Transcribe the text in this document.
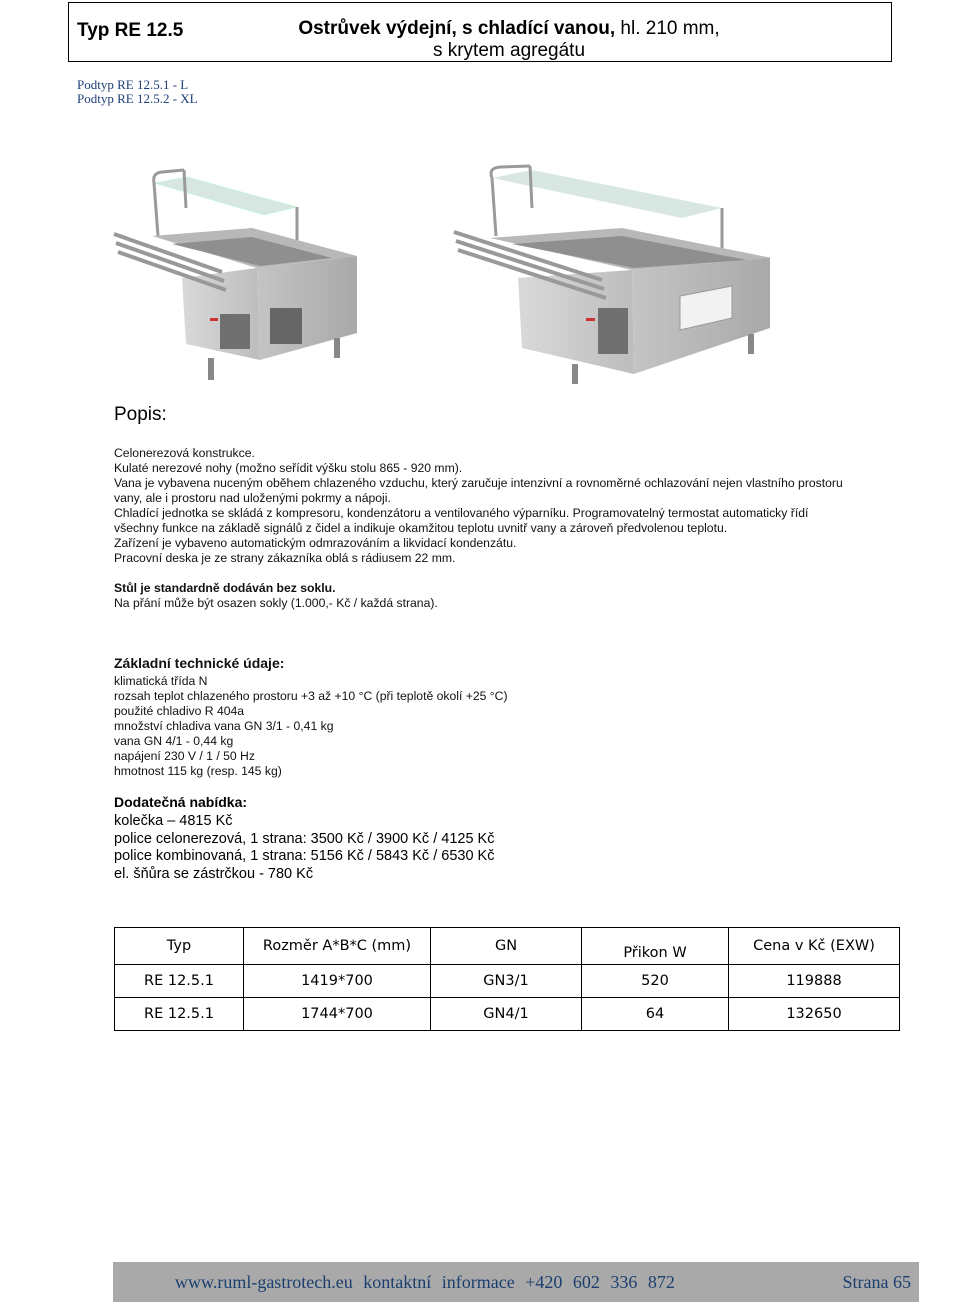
Typ RE 12.5	Ostrůvek výdejní, s chladící vanou, hl. 210 mm,
s krytem agregátu
Podtyp RE 12.5.1 - L
Podtyp RE 12.5.2 - XL
Popis:

Celonerezová konstrukce.

Kulaté nerezové nohy (možno seřídit výšku stolu 865 - 920 mm).

Vana je vybavena nuceným oběhem chlazeného vzduchu, který zaručuje intenzivní a rovnoměrné ochlazování nejen vlastního prostoru vany, ale i prostoru nad uloženými pokrmy a nápoji.

Chladící jednotka se skládá z kompresoru, kondenzátoru a ventilovaného výparníku. Programovatelný termostat automaticky řídí

všechny funkce na základě signálů z čidel a indikuje okamžitou teplotu uvnitř vany a zároveň předvolenou teplotu.

Zařízení je vybaveno automatickým odmrazováním a likvidací kondenzátu.

Pracovní deska je ze strany zákazníka oblá s rádiusem 22 mm.

Stůl je standardně dodáván bez soklu.

Na přání může být osazen sokly (1.000,- Kč / každá strana).

Základní technické údaje:

klimatická třída N

rozsah teplot chlazeného prostoru +3 až +10 °C (při teplotě okolí +25 °C)

použité chladivo R 404a

množství chladiva vana GN 3/1 - 0,41 kg

vana GN 4/1 - 0,44 kg

napájení 230 V / 1 / 50 Hz

hmotnost 115 kg (resp. 145 kg)

Dodatečná nabídka:

kolečka – 4815 Kč

police celonerezová, 1 strana: 3500 Kč / 3900 Kč / 4125 Kč

police kombinovaná, 1 strana: 5156 Kč / 5843 Kč / 6530 Kč

el. šňůra se zástrčkou - 780 Kč

Typ	Rozměr A*B*C (mm)	GN	Přikon W	Cena v Kč (EXW)
RE 12.5.1	1419*700	GN3/1	520	119888
RE 12.5.1	1744*700	GN4/1	64	132650
www.ruml-gastrotech.eu kontaktní informace +420 602 336 872	Strana 65
